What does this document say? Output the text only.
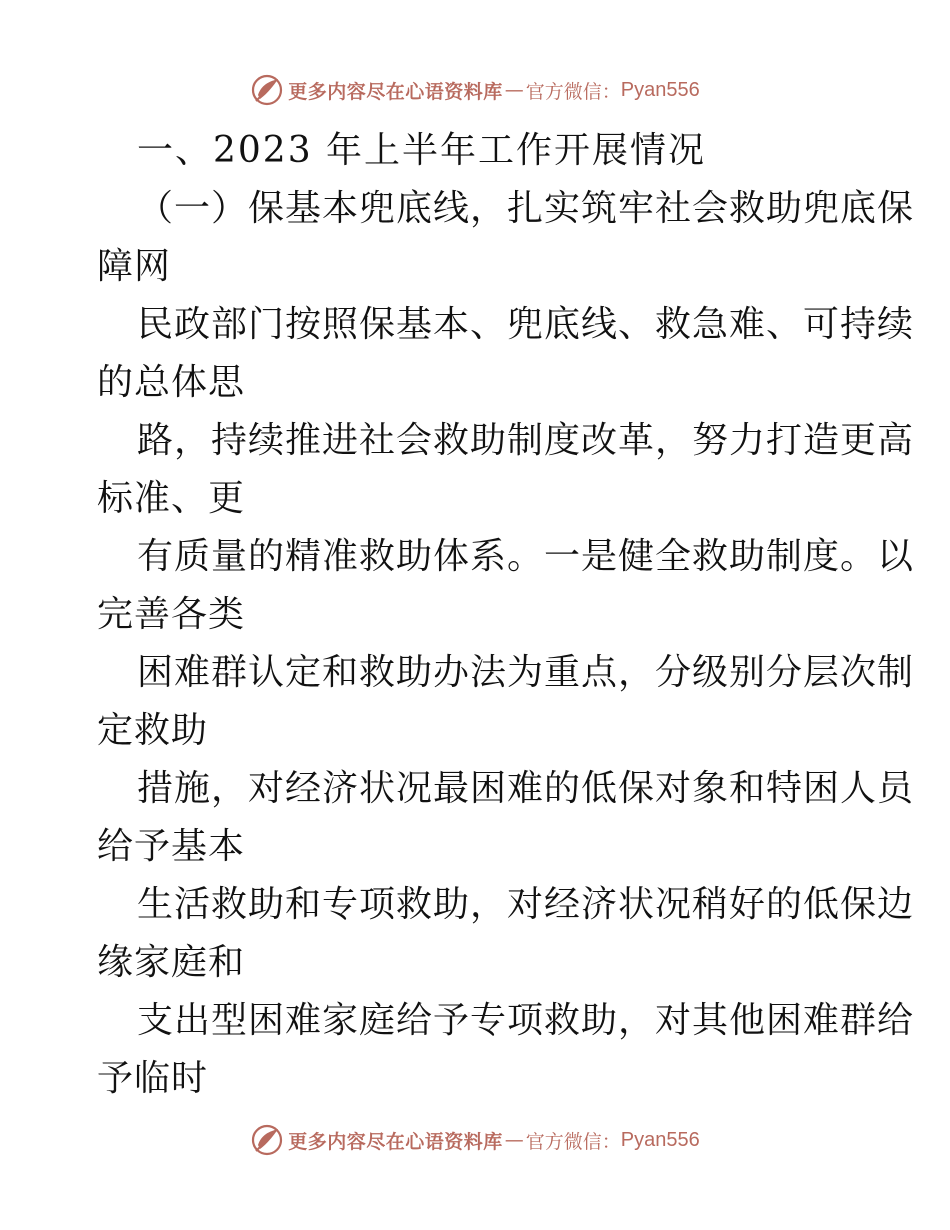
更多内容尽在心语资料库 — 官方微信： Pyan556
一、2023 年上半年工作开展情况
（一）保基本兜底线，扎实筑牢社会救助兜底保
障网
民政部门按照保基本、兜底线、救急难、可持续
的总体思
路，持续推进社会救助制度改革，努力打造更高
标准、更
有质量的精准救助体系。一是健全救助制度。以
完善各类
困难群认定和救助办法为重点，分级别分层次制
定救助
措施，对经济状况最困难的低保对象和特困人员
给予基本
生活救助和专项救助，对经济状况稍好的低保边
缘家庭和
支出型困难家庭给予专项救助，对其他困难群给
予临时
更多内容尽在心语资料库 — 官方微信： Pyan556
